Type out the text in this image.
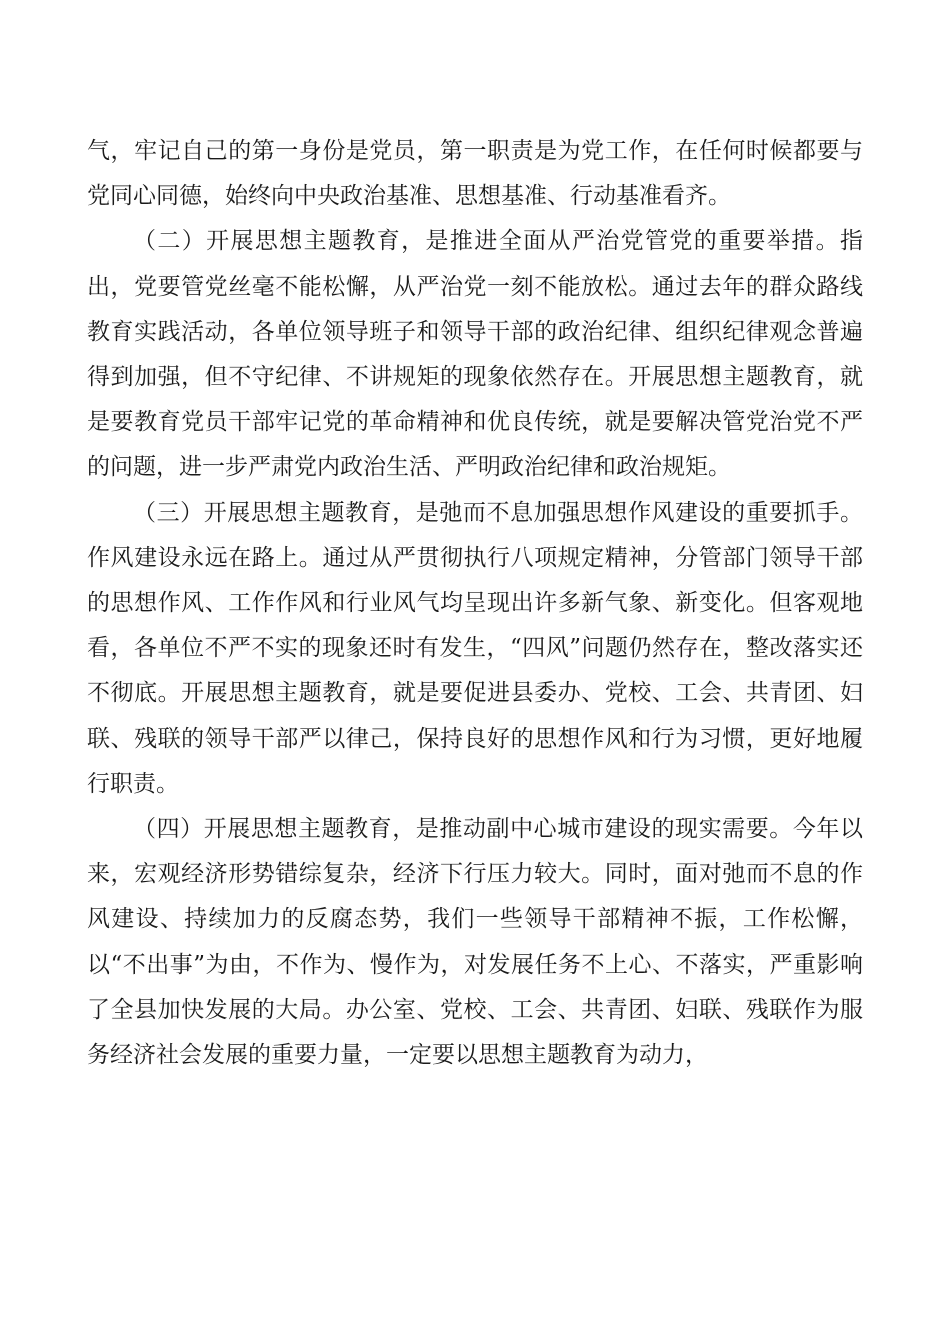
气，牢记自己的第一身份是党员，第一职责是为党工作，在任何时候都要与党同心同德，始终向中央政治基准、思想基准、行动基准看齐。

（二）开展思想主题教育，是推进全面从严治党管党的重要举措。指出，党要管党丝毫不能松懈，从严治党一刻不能放松。通过去年的群众路线教育实践活动，各单位领导班子和领导干部的政治纪律、组织纪律观念普遍得到加强，但不守纪律、不讲规矩的现象依然存在。开展思想主题教育，就是要教育党员干部牢记党的革命精神和优良传统，就是要解决管党治党不严的问题，进一步严肃党内政治生活、严明政治纪律和政治规矩。

（三）开展思想主题教育，是弛而不息加强思想作风建设的重要抓手。作风建设永远在路上。通过从严贯彻执行八项规定精神，分管部门领导干部的思想作风、工作作风和行业风气均呈现出许多新气象、新变化。但客观地看，各单位不严不实的现象还时有发生，“四风”问题仍然存在，整改落实还不彻底。开展思想主题教育，就是要促进县委办、党校、工会、共青团、妇联、残联的领导干部严以律己，保持良好的思想作风和行为习惯，更好地履行职责。

（四）开展思想主题教育，是推动副中心城市建设的现实需要。今年以来，宏观经济形势错综复杂，经济下行压力较大。同时，面对弛而不息的作风建设、持续加力的反腐态势，我们一些领导干部精神不振，工作松懈，以“不出事”为由，不作为、慢作为，对发展任务不上心、不落实，严重影响了全县加快发展的大局。办公室、党校、工会、共青团、妇联、残联作为服务经济社会发展的重要力量，一定要以思想主题教育为动力，
